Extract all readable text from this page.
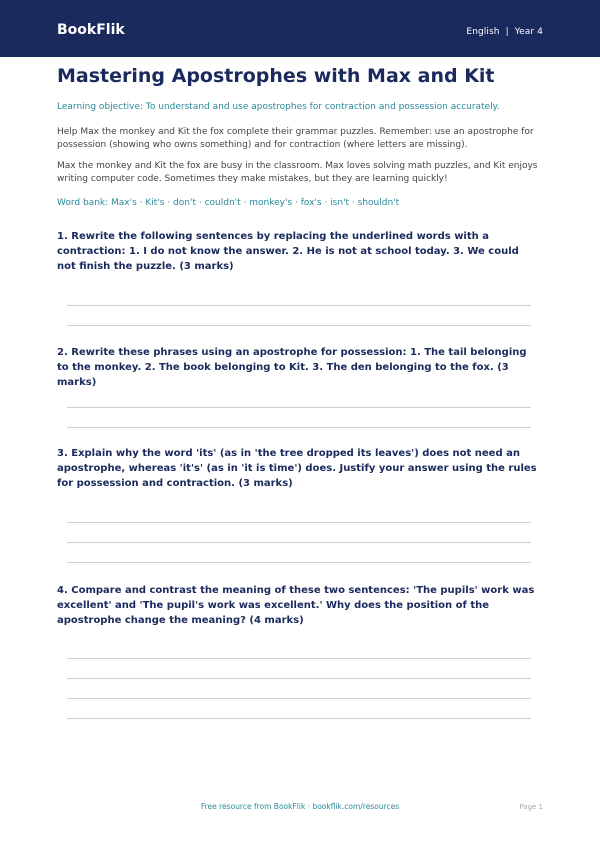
BookFlik	English | Year 4
Mastering Apostrophes with Max and Kit
Learning objective: To understand and use apostrophes for contraction and possession accurately.
Help Max the monkey and Kit the fox complete their grammar puzzles. Remember: use an apostrophe for possession (showing who owns something) and for contraction (where letters are missing).
Max the monkey and Kit the fox are busy in the classroom. Max loves solving math puzzles, and Kit enjoys writing computer code. Sometimes they make mistakes, but they are learning quickly!
Word bank: Max's · Kit's · don't · couldn't · monkey's · fox's · isn't · shouldn't
1. Rewrite the following sentences by replacing the underlined words with a contraction: 1. I do not know the answer. 2. He is not at school today. 3. We could not finish the puzzle. (3 marks)
2. Rewrite these phrases using an apostrophe for possession: 1. The tail belonging to the monkey. 2. The book belonging to Kit. 3. The den belonging to the fox. (3 marks)
3. Explain why the word 'its' (as in 'the tree dropped its leaves') does not need an apostrophe, whereas 'it's' (as in 'it is time') does. Justify your answer using the rules for possession and contraction. (3 marks)
4. Compare and contrast the meaning of these two sentences: 'The pupils' work was excellent' and 'The pupil's work was excellent.' Why does the position of the apostrophe change the meaning? (4 marks)
Free resource from BookFlik · bookflik.com/resources	Page 1
